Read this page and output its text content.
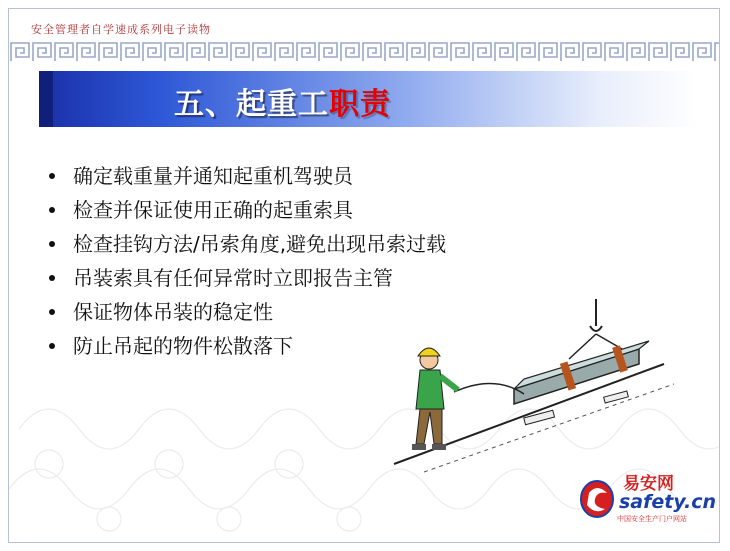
安全管理者自学速成系列电子读物
五、起重工职责
确定载重量并通知起重机驾驶员
检查并保证使用正确的起重索具
检查挂钩方法/吊索角度,避免出现吊索过载
吊装索具有任何异常时立即报告主管
保证物体吊装的稳定性
防止吊起的物件松散落下
易安网
safety.cn
中国安全生产门户网站
